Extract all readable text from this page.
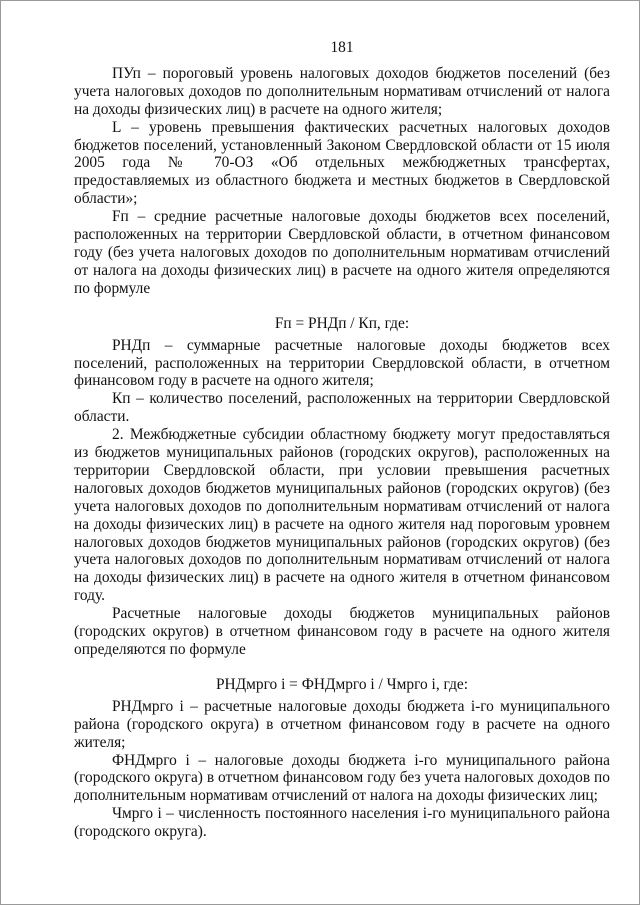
181

ПУп – пороговый уровень налоговых доходов бюджетов поселений (без учета налоговых доходов по дополнительным нормативам отчислений от налога на доходы физических лиц) в расчете на одного жителя;

L – уровень превышения фактических расчетных налоговых доходов бюджетов поселений, установленный Законом Свердловской области от 15 июля 2005 года № 70-ОЗ «Об отдельных межбюджетных трансфертах, предоставляемых из областного бюджета и местных бюджетов в Свердловской области»;

Fп – средние расчетные налоговые доходы бюджетов всех поселений, расположенных на территории Свердловской области, в отчетном финансовом году (без учета налоговых доходов по дополнительным нормативам отчислений от налога на доходы физических лиц) в расчете на одного жителя определяются по формуле

Fп = РНДп / Кп, где:

РНДп – суммарные расчетные налоговые доходы бюджетов всех поселений, расположенных на территории Свердловской области, в отчетном финансовом году в расчете на одного жителя;

Кп – количество поселений, расположенных на территории Свердловской области.

2. Межбюджетные субсидии областному бюджету могут предоставляться из бюджетов муниципальных районов (городских округов), расположенных на территории Свердловской области, при условии превышения расчетных налоговых доходов бюджетов муниципальных районов (городских округов) (без учета налоговых доходов по дополнительным нормативам отчислений от налога на доходы физических лиц) в расчете на одного жителя над пороговым уровнем налоговых доходов бюджетов муниципальных районов (городских округов) (без учета налоговых доходов по дополнительным нормативам отчислений от налога на доходы физических лиц) в расчете на одного жителя в отчетном финансовом году.

Расчетные налоговые доходы бюджетов муниципальных районов (городских округов) в отчетном финансовом году в расчете на одного жителя определяются по формуле

РНДмрго i = ФНДмрго i / Чмрго i, где:

РНДмрго i – расчетные налоговые доходы бюджета i-го муниципального района (городского округа) в отчетном финансовом году в расчете на одного жителя;

ФНДмрго i – налоговые доходы бюджета i-го муниципального района (городского округа) в отчетном финансовом году без учета налоговых доходов по дополнительным нормативам отчислений от налога на доходы физических лиц;

Чмрго i – численность постоянного населения i-го муниципального района (городского округа).
